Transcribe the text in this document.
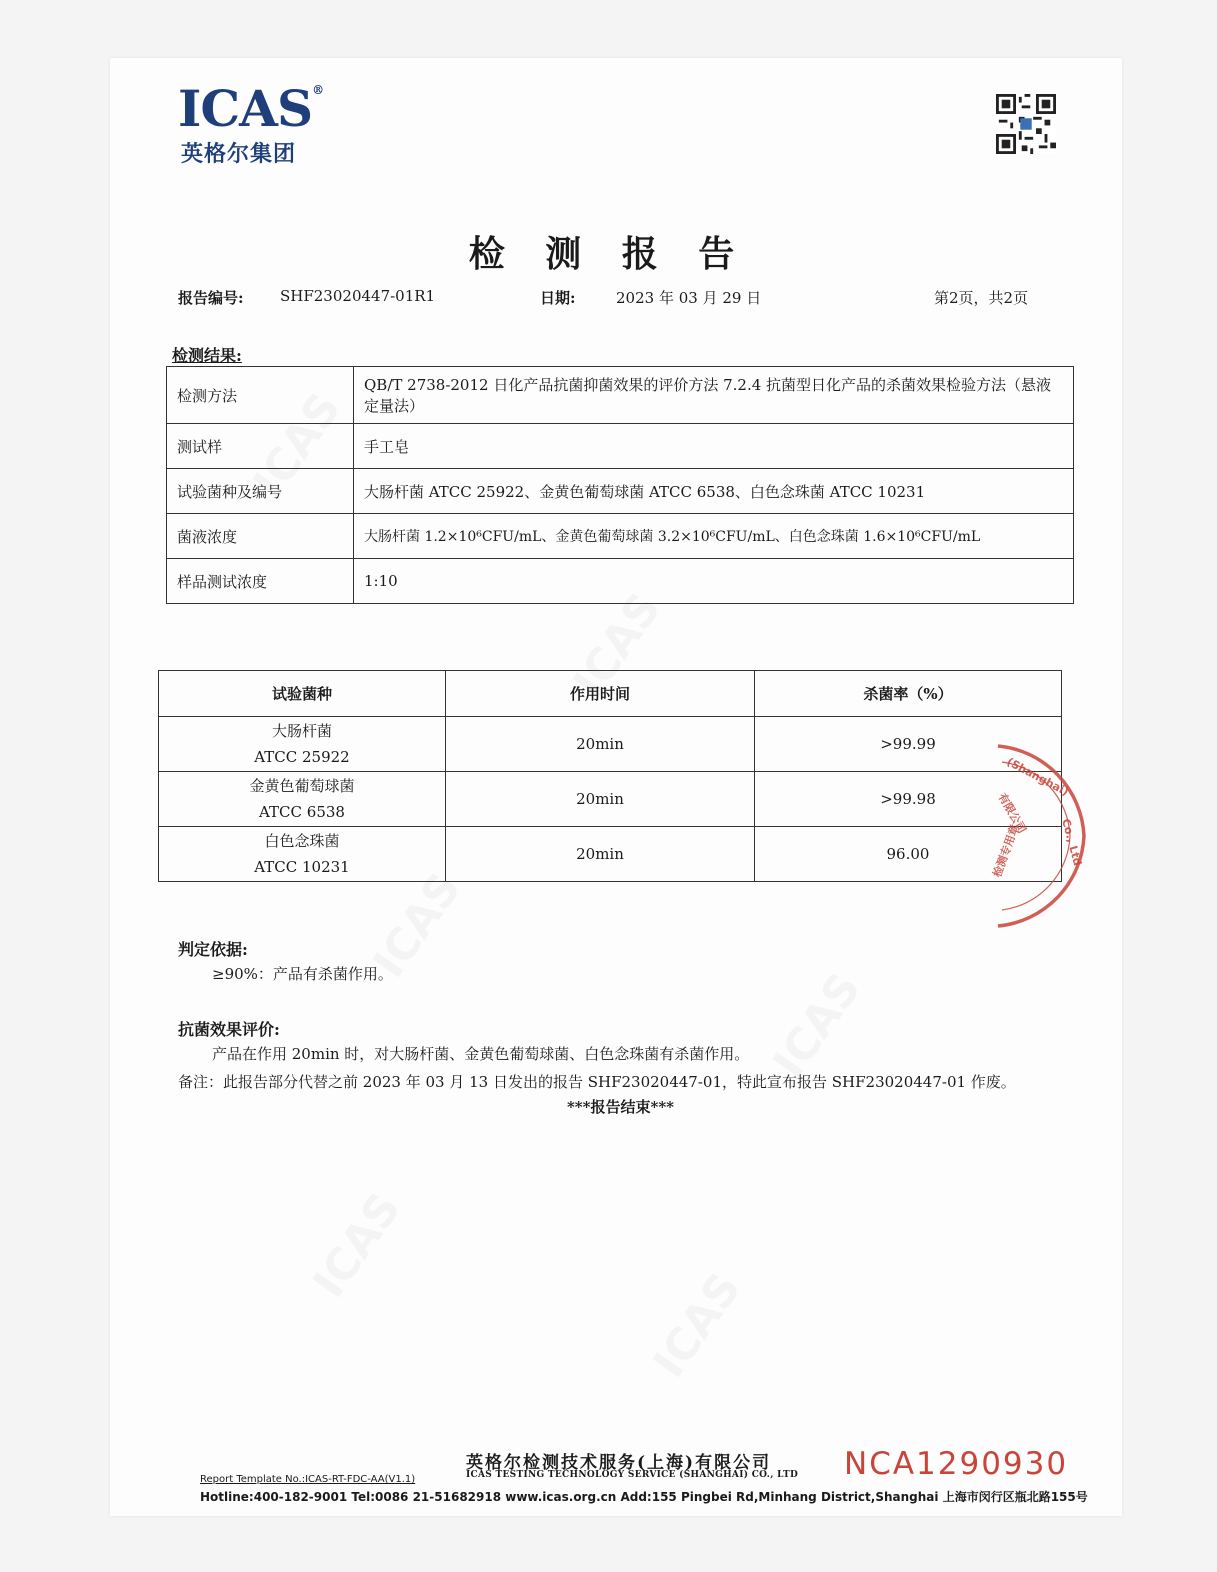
ICAS®
英格尔集团
检 测 报 告
报告编号: SHF23020447-01R1	日期:	2023 年 03 月 29 日	第2页，共2页
检测结果:
检测方法	QB/T 2738-2012 日化产品抗菌抑菌效果的评价方法 7.2.4 抗菌型日化产品的杀菌效果检验方法（悬液定量法）
测试样	手工皂
试验菌种及编号	大肠杆菌 ATCC 25922、金黄色葡萄球菌 ATCC 6538、白色念珠菌 ATCC 10231
菌液浓度	大肠杆菌 1.2×10⁶CFU/mL、金黄色葡萄球菌 3.2×10⁶CFU/mL、白色念珠菌 1.6×10⁶CFU/mL
样品测试浓度	1:10
试验菌种	作用时间	杀菌率（%）

大肠杆菌
ATCC 25922	20min	>99.99

金黄色葡萄球菌
ATCC 6538	20min	>99.98

白色念珠菌
ATCC 10231	20min	96.00
(Shanghai)
Co., Ltd
有限公司
检测专用章
判定依据:
≥90%：产品有杀菌作用。
抗菌效果评价:
产品在作用 20min 时，对大肠杆菌、金黄色葡萄球菌、白色念珠菌有杀菌作用。
备注：此报告部分代替之前 2023 年 03 月 13 日发出的报告 SHF23020447-01，特此宣布报告 SHF23020447-01 作废。
***报告结束***
英格尔检测技术服务(上海)有限公司
ICAS TESTING TECHNOLOGY SERVICE (SHANGHAI) CO., LTD NCA1290930
Report Template No.:ICAS-RT-FDC-AA(V1.1)
Hotline:400-182-9001 Tel:0086 21-51682918 www.icas.org.cn Add:155 Pingbei Rd,Minhang District,Shanghai 上海市闵行区瓶北路155号
